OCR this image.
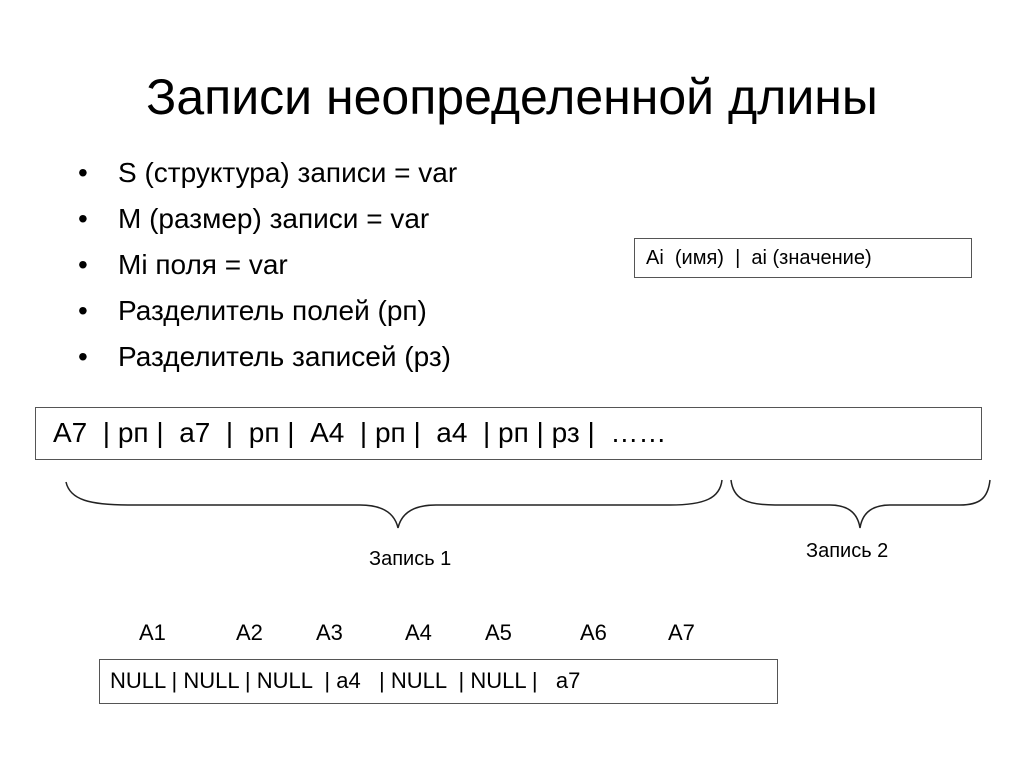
Записи неопределенной длины
• S (структура) записи = var
• M (размер) записи = var
• Mi поля = var
• Разделитель полей (рп)
• Разделитель записей (рз)
Ai  (имя)  |  ai (значение)
A7  | рп |  a7  |  рп |  A4  | рп |  a4  | рп | рз |  ……
Запись 1	Запись 2
A1	A2 A3	A4 A5	A6	A7
NULL | NULL | NULL  | a4   | NULL  | NULL |   a7
